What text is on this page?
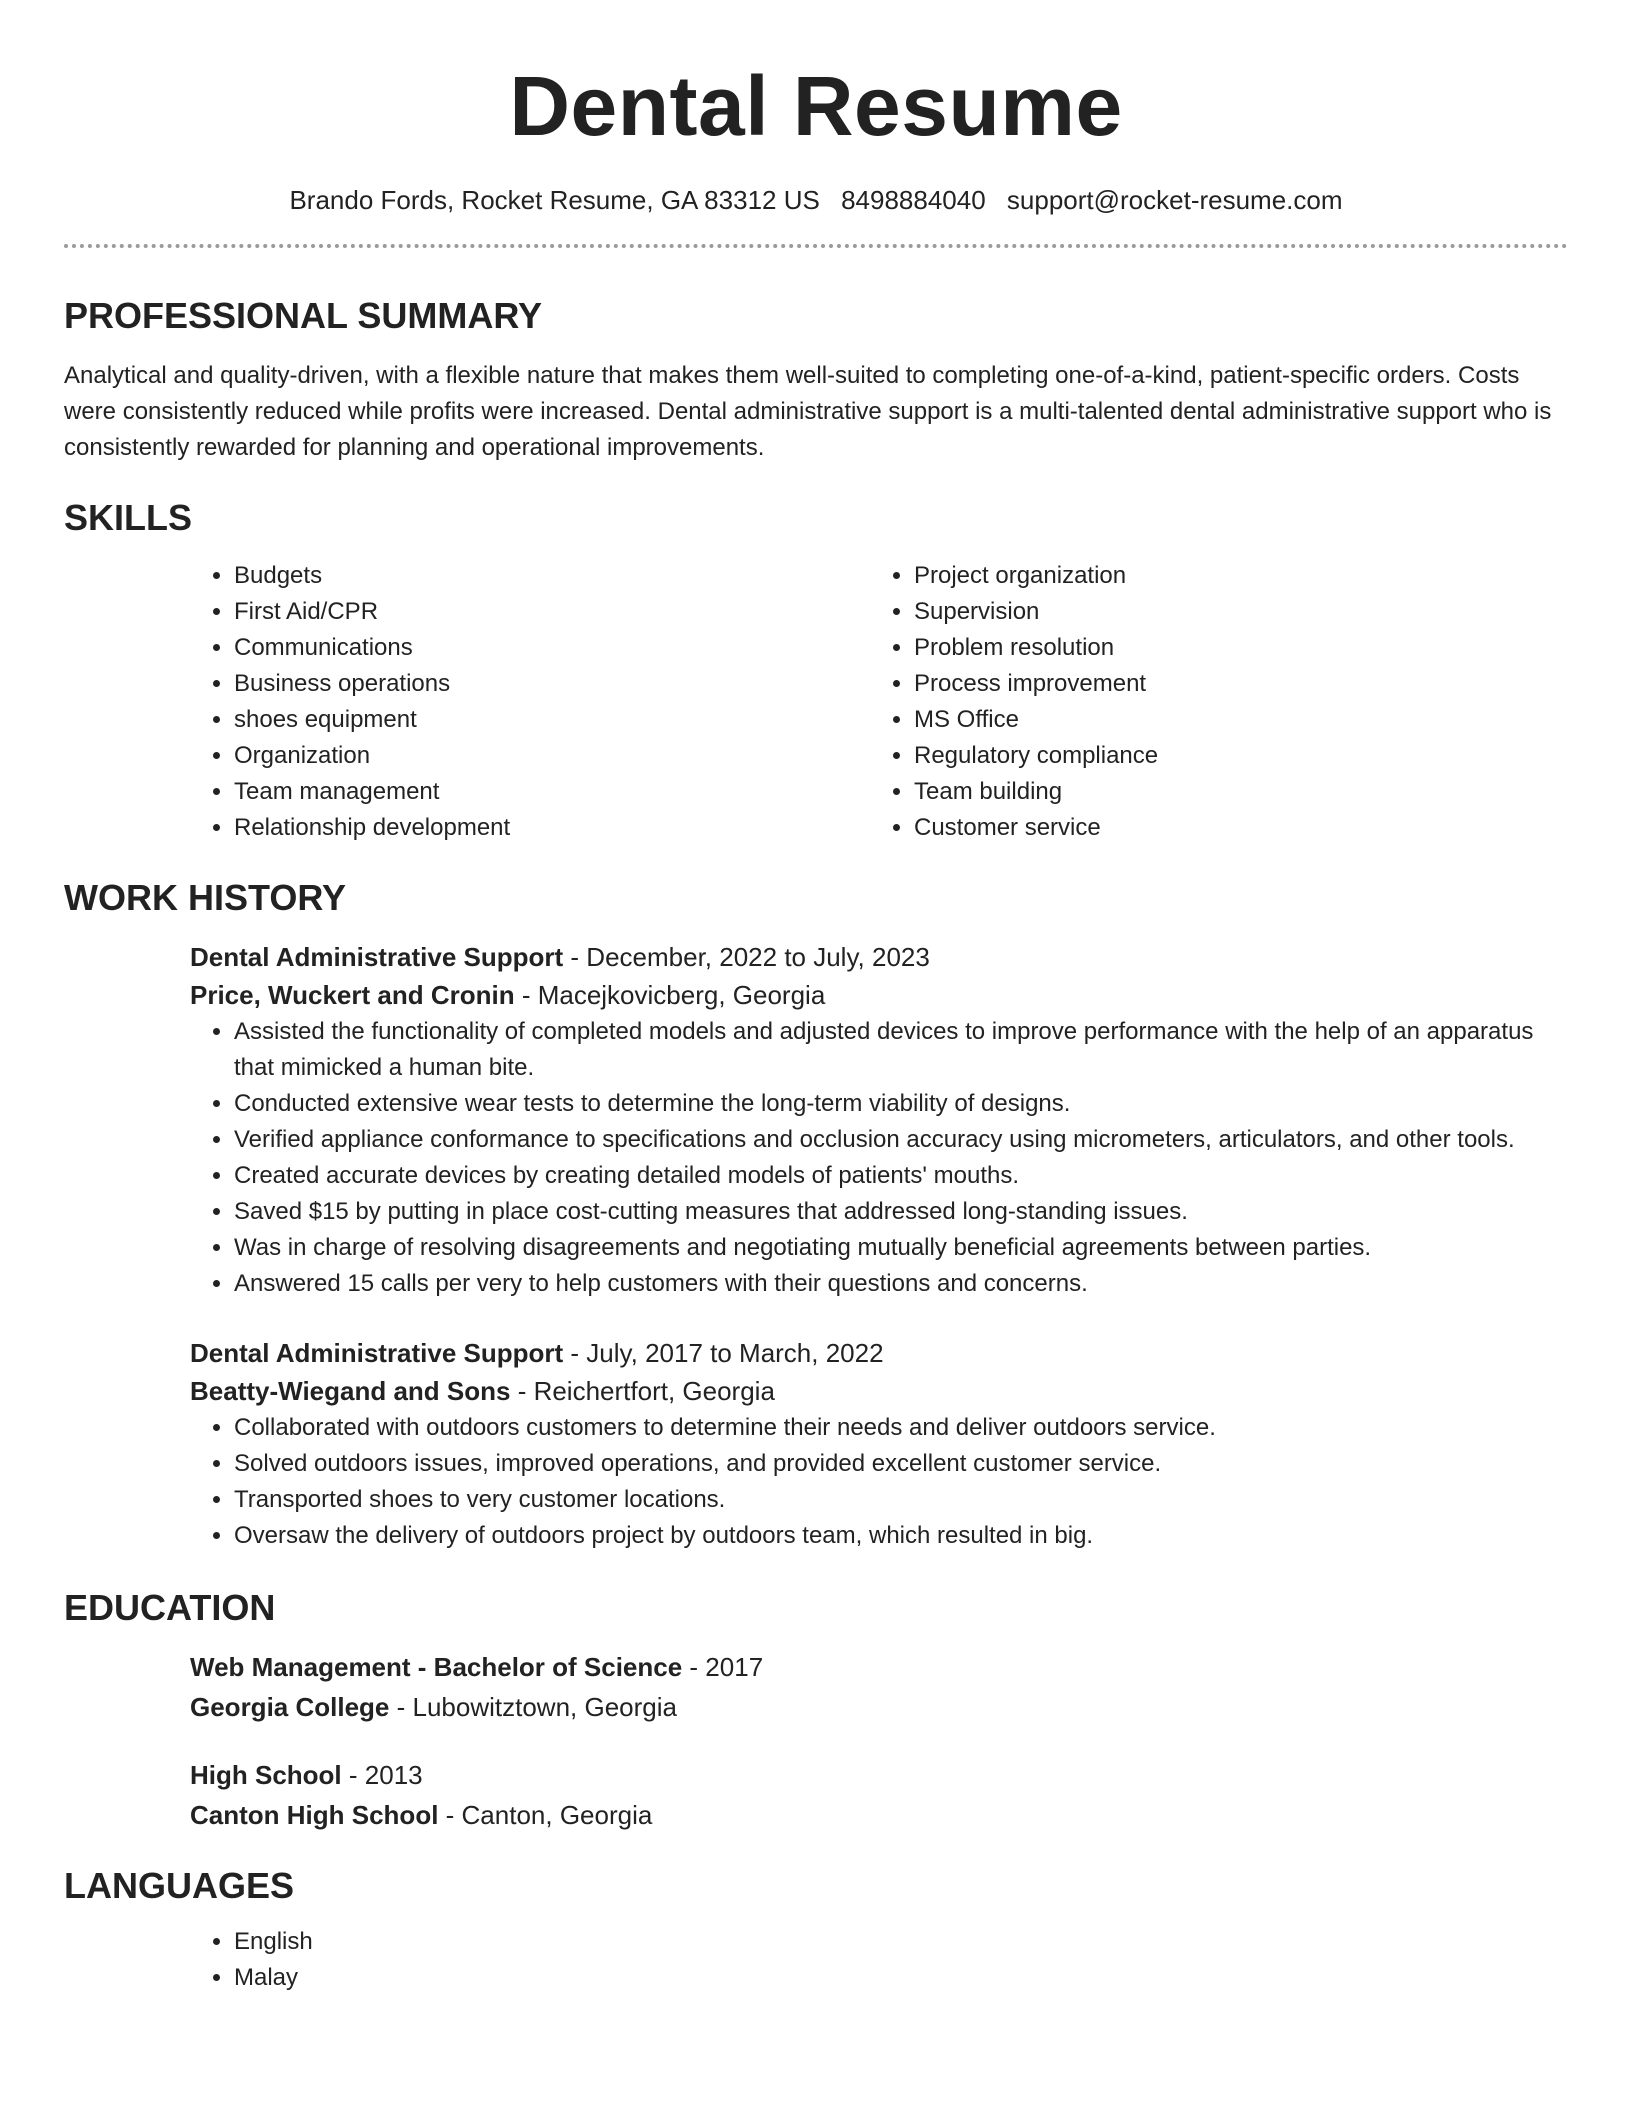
Dental Resume
Brando Fords, Rocket Resume, GA 83312 US 8498884040 support@rocket-resume.com
PROFESSIONAL SUMMARY

Analytical and quality-driven, with a flexible nature that makes them well-suited to completing one-of-a-kind, patient-specific orders. Costs were consistently reduced while profits were increased. Dental administrative support is a multi-talented dental administrative support who is consistently rewarded for planning and operational improvements.

SKILLS
• Budgets
• First Aid/CPR
• Communications
• Business operations
• shoes equipment
• Organization
• Team management
• Relationship development
• Project organization
• Supervision
• Problem resolution
• Process improvement
• MS Office
• Regulatory compliance
• Team building
• Customer service
WORK HISTORY
Dental Administrative Support - December, 2022 to July, 2023
Price, Wuckert and Cronin - Macejkovicberg, Georgia
• Assisted the functionality of completed models and adjusted devices to improve performance with the help of an apparatus that mimicked a human bite.
• Conducted extensive wear tests to determine the long-term viability of designs.
• Verified appliance conformance to specifications and occlusion accuracy using micrometers, articulators, and other tools.
• Created accurate devices by creating detailed models of patients' mouths.
• Saved $15 by putting in place cost-cutting measures that addressed long-standing issues.
• Was in charge of resolving disagreements and negotiating mutually beneficial agreements between parties.
• Answered 15 calls per very to help customers with their questions and concerns.
Dental Administrative Support - July, 2017 to March, 2022
Beatty-Wiegand and Sons - Reichertfort, Georgia
• Collaborated with outdoors customers to determine their needs and deliver outdoors service.
• Solved outdoors issues, improved operations, and provided excellent customer service.
• Transported shoes to very customer locations.
• Oversaw the delivery of outdoors project by outdoors team, which resulted in big.
EDUCATION
Web Management - Bachelor of Science - 2017
Georgia College - Lubowitztown, Georgia
High School - 2013
Canton High School - Canton, Georgia
LANGUAGES
• English
• Malay
